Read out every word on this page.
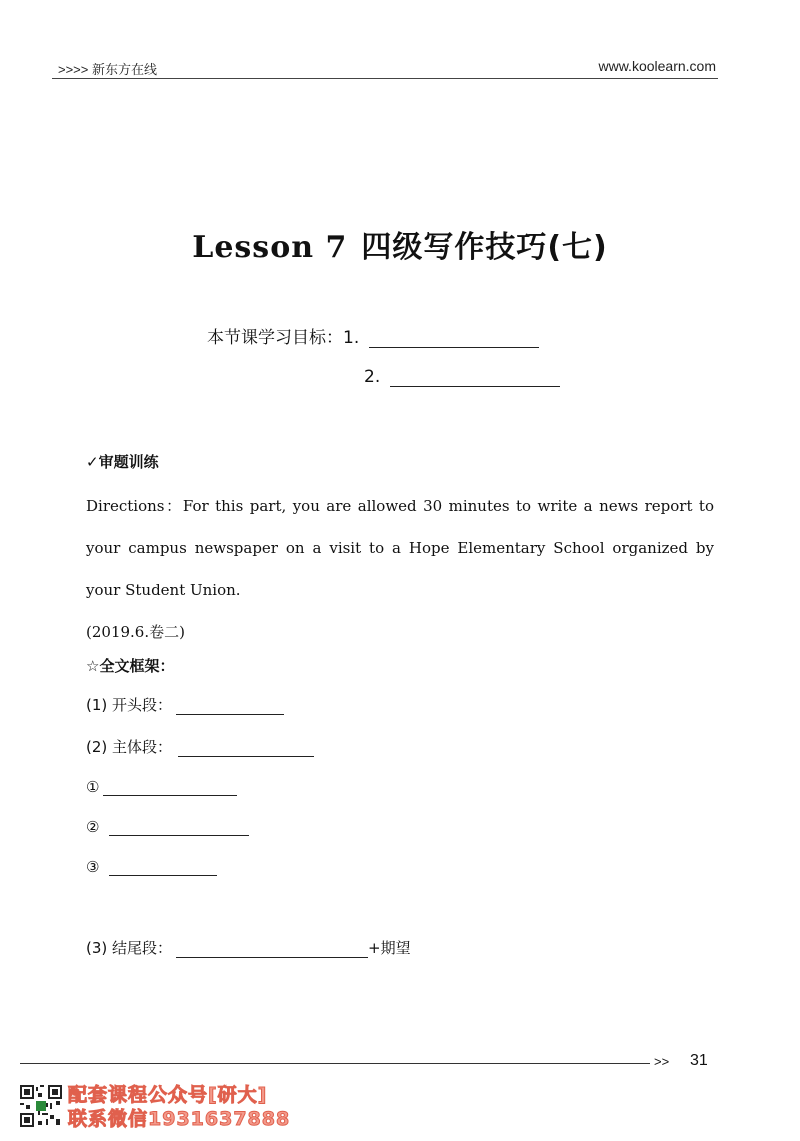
>>>> 新东方在线	www.koolearn.com
Lesson 7 四级写作技巧(七)
本节课学习目标：1.
2.
✓审题训练

Directions：For this part, you are allowed 30 minutes to write a news report to your campus newspaper on a visit to a Hope Elementary School organized by your Student Union.

(2019.6.卷二)

☆全文框架：
(1) 开头段：
(2) 主体段：
①
②
③
(3) 结尾段：	+期望
>> 31
配套课程公众号[研大]
联系微信1931637888
